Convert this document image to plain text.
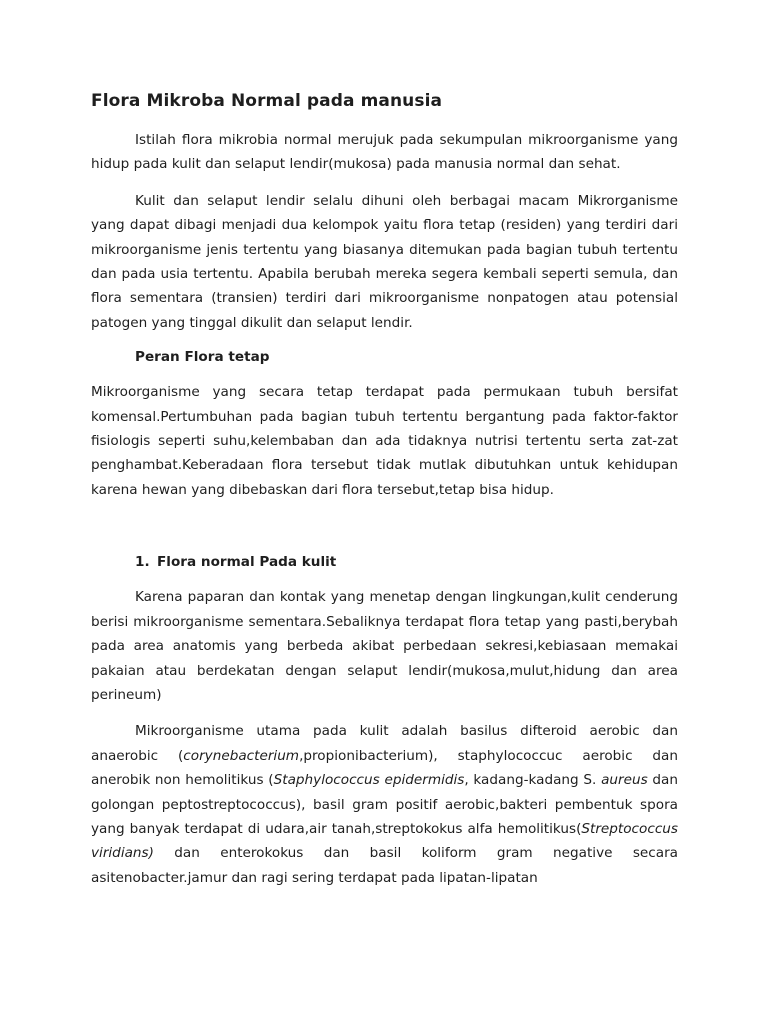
Flora Mikroba Normal pada manusia

Istilah flora mikrobia normal merujuk pada sekumpulan mikroorganisme yang hidup pada kulit dan selaput lendir(mukosa) pada manusia normal dan sehat.

Kulit dan selaput lendir selalu dihuni oleh berbagai macam Mikrorganisme yang dapat dibagi menjadi dua kelompok yaitu flora tetap (residen) yang terdiri dari mikroorganisme jenis tertentu yang biasanya ditemukan pada bagian tubuh tertentu dan pada usia tertentu. Apabila berubah mereka segera kembali seperti semula, dan flora sementara (transien) terdiri dari mikroorganisme nonpatogen atau potensial patogen yang tinggal dikulit dan selaput lendir.

Peran Flora tetap

Mikroorganisme yang secara tetap terdapat pada permukaan tubuh bersifat komensal.Pertumbuhan pada bagian tubuh tertentu bergantung pada faktor-faktor fisiologis seperti suhu,kelembaban dan ada tidaknya nutrisi tertentu serta zat-zat penghambat.Keberadaan flora tersebut tidak mutlak dibutuhkan untuk kehidupan karena hewan yang dibebaskan dari flora tersebut,tetap bisa hidup.

1. Flora normal Pada kulit

Karena paparan dan kontak yang menetap dengan lingkungan,kulit cenderung berisi mikroorganisme sementara.Sebaliknya terdapat flora tetap yang pasti,berybah pada area anatomis yang berbeda akibat perbedaan sekresi,kebiasaan memakai pakaian atau berdekatan dengan selaput lendir(mukosa,mulut,hidung dan area perineum)

Mikroorganisme utama pada kulit adalah basilus difteroid aerobic dan anaerobic (corynebacterium,propionibacterium), staphylococcuc aerobic dan anerobik non hemolitikus (Staphylococcus epidermidis, kadang-kadang S. aureus dan golongan peptostreptococcus), basil gram positif aerobic,bakteri pembentuk spora yang banyak terdapat di udara,air tanah,streptokokus alfa hemolitikus(Streptococcus viridians) dan enterokokus dan basil koliform gram negative secara asitenobacter.jamur dan ragi sering terdapat pada lipatan-lipatan
